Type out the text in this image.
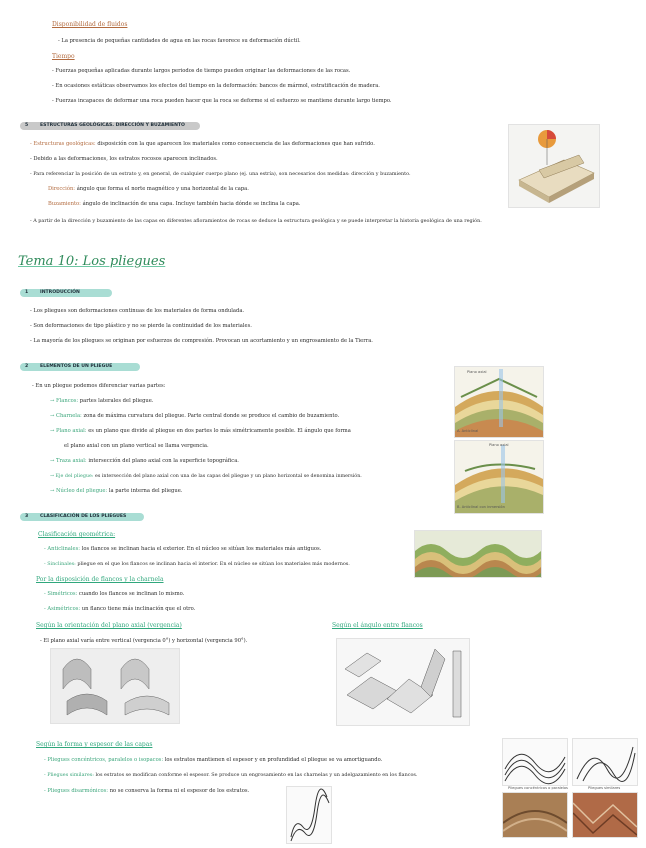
Disponibilidad de fluidos
- La presencia de pequeñas cantidades de agua en las rocas favorece su deformación dúctil.
Tiempo
- Fuerzas pequeñas aplicadas durante largos periodos de tiempo pueden originar las deformaciones de las rocas.
- En ocasiones estáticas observamos los efectos del tiempo en la deformación: bancos de mármol, estratificación de madera.
- Fuerzas incapaces de deformar una roca pueden hacer que la roca se deforme si el esfuerzo se mantiene durante largo tiempo.
5	ESTRUCTURAS GEOLÓGICAS. DIRECCIÓN Y BUZAMIENTO
- Estructuras geológicas: disposición con la que aparecen los materiales como consecuencia de las deformaciones que han sufrido.
- Debido a las deformaciones, los estratos rocosos aparecen inclinados.
- Para referenciar la posición de un estrato y, en general, de cualquier cuerpo plano (ej. una estría), son necesarios dos medidas: dirección y buzamiento.
Dirección: ángulo que forma el norte magnético y una horizontal de la capa.
Buzamiento: ángulo de inclinación de una capa. Incluye también hacia dónde se inclina la capa.
- A partir de la dirección y buzamiento de las capas en diferentes afloramientos de rocas se deduce la estructura geológica y se puede interpretar la historia geológica de una región.
Tema 10: Los pliegues
1	INTRODUCCIÓN
- Los pliegues son deformaciones continuas de los materiales de forma ondulada.
- Son deformaciones de tipo plástico y no se pierde la continuidad de los materiales.
- La mayoría de los pliegues se originan por esfuerzos de compresión. Provocan un acortamiento y un engrosamiento de la Tierra.
2	ELEMENTOS DE UN PLIEGUE
- En un pliegue podemos diferenciar varias partes:
→ Flancos: partes laterales del pliegue.
→ Charnela: zona de máxima curvatura del pliegue. Parte central donde se produce el cambio de buzamiento.
→ Plano axial: es un plano que divide al pliegue en dos partes lo más simétricamente posible. El ángulo que forma
el plano axial con un plano vertical se llama vergencia.
→ Traza axial: intersección del plano axial con la superficie topográfica.
→ Eje del pliegue: es intersección del plano axial con una de las capas del pliegue y un plano horizontal se denomina inmersión.
→ Núcleo del pliegue: la parte interna del pliegue.
Plano axial
A. Anticlinal
Plano axial
B. Anticlinal con inmersión
3	CLASIFICACIÓN DE LOS PLIEGUES
Clasificación geométrica:
- Anticlinales: los flancos se inclinan hacia el exterior. En el núcleo se sitúan los materiales más antiguos.
- Sinclinales: pliegue en el que los flancos se inclinan hacia el interior. En el núcleo se sitúan los materiales más modernos.
Por la disposición de flancos y la charnela
- Simétricos: cuando los flancos se inclinan lo mismo.
- Asimétricos: un flanco tiene más inclinación que el otro.
Según la orientación del plano axial (vergencia)
- El plano axial varía entre vertical (vergencia 0°) y horizontal (vergencia 90°).
Según el ángulo entre flancos
Según la forma y espesor de las capas
- Pliegues concéntricos, paralelos o isopacos: los estratos mantienen el espesor y en profundidad el pliegue se va amortiguando.
- Pliegues similares: los estratos se modifican conforme el espesor. Se produce un engrosamiento en las charnelas y un adelgazamiento en los flancos.
- Pliegues disarmónicos: no se conserva la forma ni el espesor de los estratos.	Pliegues concéntricos o paralelos	Pliegues similares
